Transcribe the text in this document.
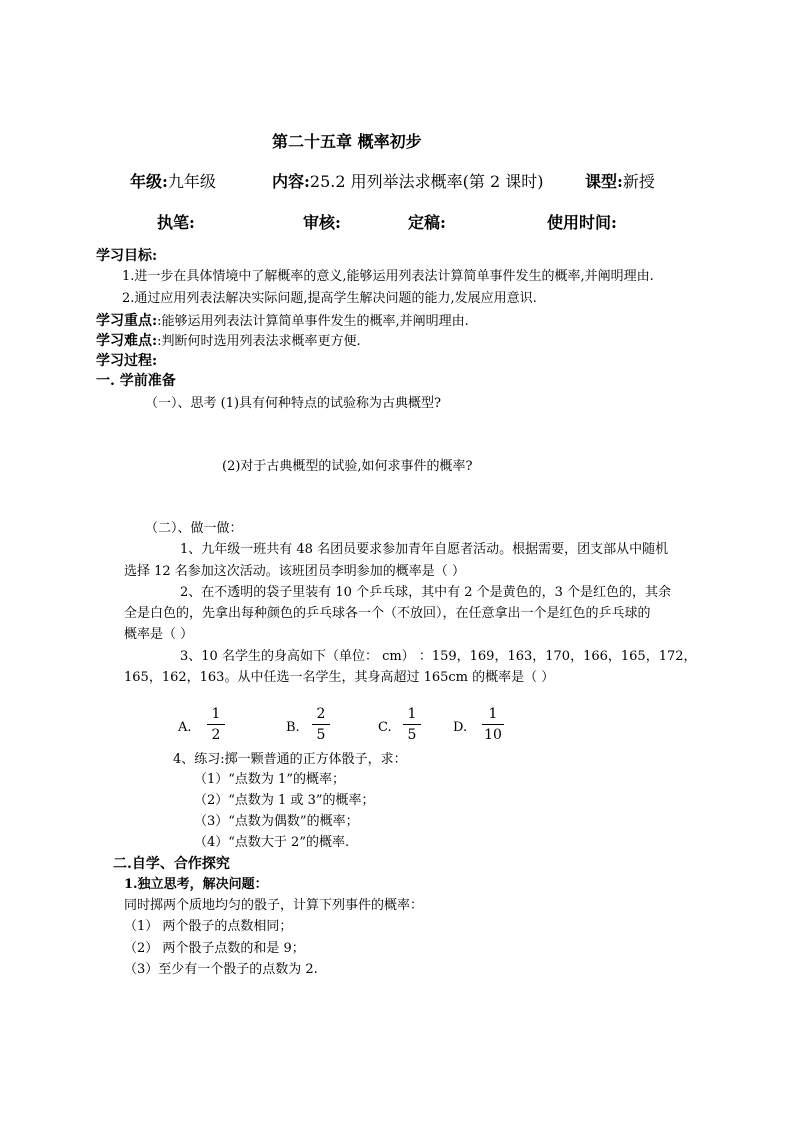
第二十五章 概率初步
年级:九年级	内容:25.2 用列举法求概率(第 2 课时)	课型:新授
执笔:	审核:	定稿:	使用时间:
学习目标:
1.进一步在具体情境中了解概率的意义,能够运用列表法计算简单事件发生的概率,并阐明理由.
2.通过应用列表法解决实际问题,提高学生解决问题的能力,发展应用意识.
学习重点::能够运用列表法计算简单事件发生的概率,并阐明理由.
学习难点::判断何时选用列表法求概率更方便.
学习过程:
一. 学前准备
（一）、思考 (1)具有何种特点的试验称为古典概型?
(2)对于古典概型的试验,如何求事件的概率?
（二）、做一做：
1、九年级一班共有 48 名团员要求参加青年自愿者活动。根据需要，团支部从中随机
选择 12 名参加这次活动。该班团员李明参加的概率是（ ）
2、在不透明的袋子里装有 10 个乒乓球，其中有 2 个是黄色的，3 个是红色的，其余
全是白色的，先拿出每种颜色的乒乓球各一个（不放回），在任意拿出一个是红色的乒乓球的
概率是（ ）
3、10 名学生的身高如下（单位： cm） ：159，169，163，170，166，165，172，
165，162，163。从中任选一名学生，其身高超过 165cm 的概率是（ ）
A. $\frac{1}{2}$	B. $\frac{2}{5}$	C. $\frac{1}{5} D$. $\frac{1}{10}$
4、练习:掷一颗普通的正方体骰子，求：
（1）“点数为 1”的概率；
（2）“点数为 1 或 3”的概率；
（3）“点数为偶数”的概率；
（4）“点数大于 2”的概率.
二.自学、合作探究
1.独立思考，解决问题：
同时掷两个质地均匀的骰子，计算下列事件的概率：
（1） 两个骰子的点数相同；
（2） 两个骰子点数的和是 9；
（3）至少有一个骰子的点数为 2.
